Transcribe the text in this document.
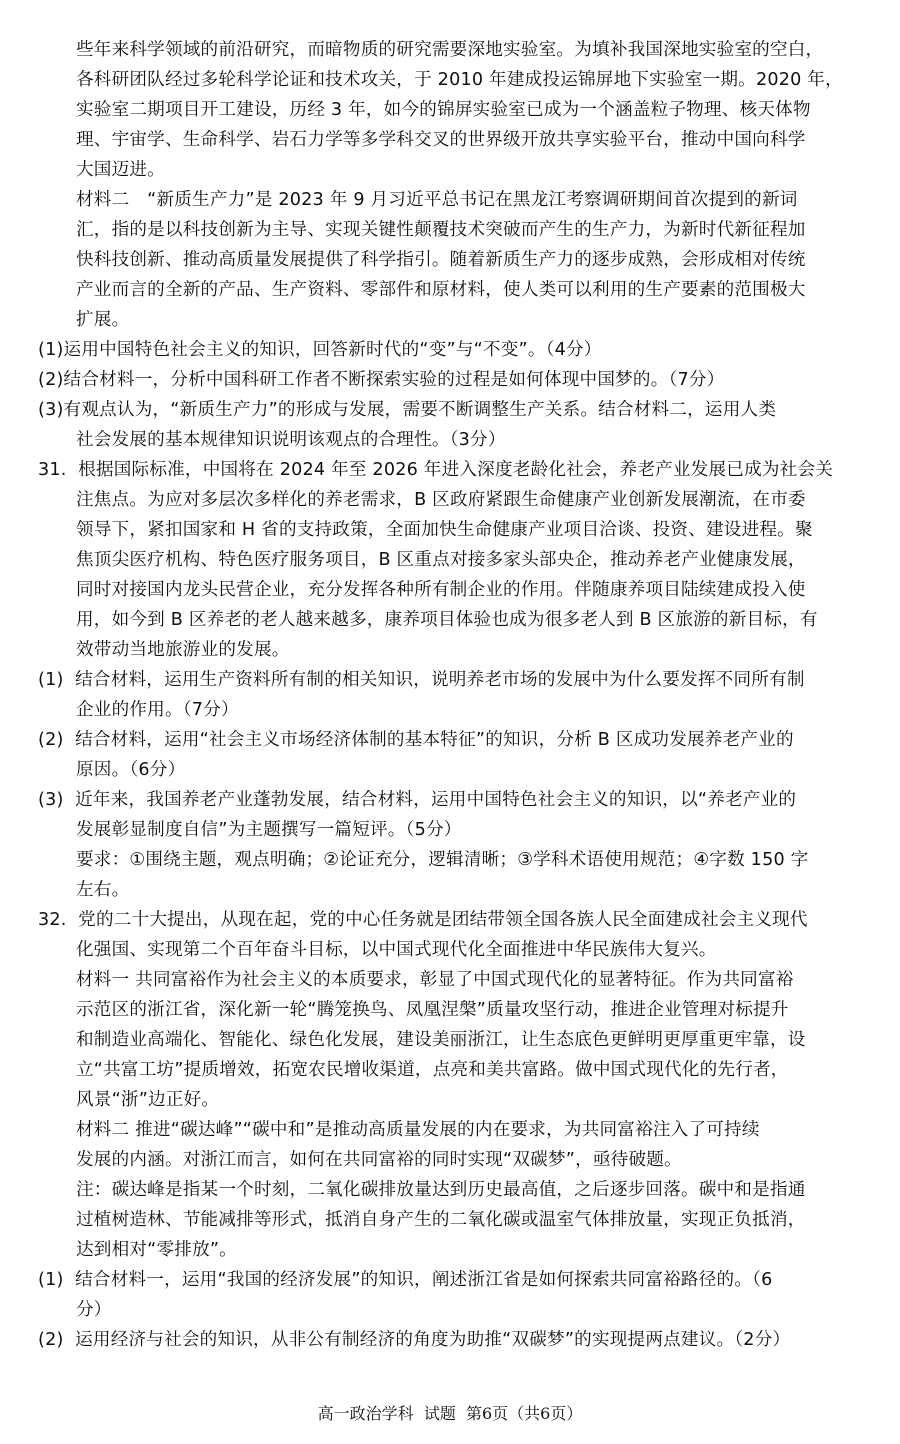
些年来科学领域的前沿研究，而暗物质的研究需要深地实验室。为填补我国深地实验室的空白，
各科研团队经过多轮科学论证和技术攻关，于 2010 年建成投运锦屏地下实验室一期。2020 年，
实验室二期项目开工建设，历经 3 年，如今的锦屏实验室已成为一个涵盖粒子物理、核天体物
理、宇宙学、生命科学、岩石力学等多学科交叉的世界级开放共享实验平台，推动中国向科学
大国迈进。
材料二　“新质生产力”是 2023 年 9 月习近平总书记在黑龙江考察调研期间首次提到的新词
汇，指的是以科技创新为主导、实现关键性颠覆技术突破而产生的生产力，为新时代新征程加
快科技创新、推动高质量发展提供了科学指引。随着新质生产力的逐步成熟，会形成相对传统
产业而言的全新的产品、生产资料、零部件和原材料，使人类可以利用的生产要素的范围极大
扩展。
(1)运用中国特色社会主义的知识，回答新时代的“变”与“不变”。（4分）
(2)结合材料一，分析中国科研工作者不断探索实验的过程是如何体现中国梦的。（7分）
(3)有观点认为，“新质生产力”的形成与发展，需要不断调整生产关系。结合材料二，运用人类
社会发展的基本规律知识说明该观点的合理性。（3分）
31.  根据国际标准，中国将在 2024 年至 2026 年进入深度老龄化社会，养老产业发展已成为社会关
注焦点。为应对多层次多样化的养老需求，B 区政府紧跟生命健康产业创新发展潮流，在市委
领导下，紧扣国家和 H 省的支持政策，全面加快生命健康产业项目洽谈、投资、建设进程。聚
焦顶尖医疗机构、特色医疗服务项目，B 区重点对接多家头部央企，推动养老产业健康发展，
同时对接国内龙头民营企业，充分发挥各种所有制企业的作用。伴随康养项目陆续建成投入使
用，如今到 B 区养老的老人越来越多，康养项目体验也成为很多老人到 B 区旅游的新目标，有
效带动当地旅游业的发展。
(1)  结合材料，运用生产资料所有制的相关知识，说明养老市场的发展中为什么要发挥不同所有制
企业的作用。（7分）
(2)  结合材料，运用“社会主义市场经济体制的基本特征”的知识，分析 B 区成功发展养老产业的
原因。（6分）
(3)  近年来，我国养老产业蓬勃发展，结合材料，运用中国特色社会主义的知识，以“养老产业的
发展彰显制度自信”为主题撰写一篇短评。（5分）
要求：①围绕主题，观点明确；②论证充分，逻辑清晰；③学科术语使用规范；④字数 150 字
左右。
32.  党的二十大提出，从现在起，党的中心任务就是团结带领全国各族人民全面建成社会主义现代
化强国、实现第二个百年奋斗目标，以中国式现代化全面推进中华民族伟大复兴。
材料一 共同富裕作为社会主义的本质要求，彰显了中国式现代化的显著特征。作为共同富裕
示范区的浙江省，深化新一轮“腾笼换鸟、凤凰涅槃”质量攻坚行动，推进企业管理对标提升
和制造业高端化、智能化、绿色化发展，建设美丽浙江，让生态底色更鲜明更厚重更牢靠，设
立“共富工坊”提质增效，拓宽农民增收渠道，点亮和美共富路。做中国式现代化的先行者，
风景“浙”边正好。
材料二 推进“碳达峰”“碳中和”是推动高质量发展的内在要求，为共同富裕注入了可持续
发展的内涵。对浙江而言，如何在共同富裕的同时实现“双碳梦”，亟待破题。
注：碳达峰是指某一个时刻，二氧化碳排放量达到历史最高值，之后逐步回落。碳中和是指通
过植树造林、节能减排等形式，抵消自身产生的二氧化碳或温室气体排放量，实现正负抵消，
达到相对“零排放”。
(1)  结合材料一，运用“我国的经济发展”的知识，阐述浙江省是如何探索共同富裕路径的。（6
分）
(2)  运用经济与社会的知识，从非公有制经济的角度为助推“双碳梦”的实现提两点建议。（2分）
高一政治学科  试题  第6页（共6页）
